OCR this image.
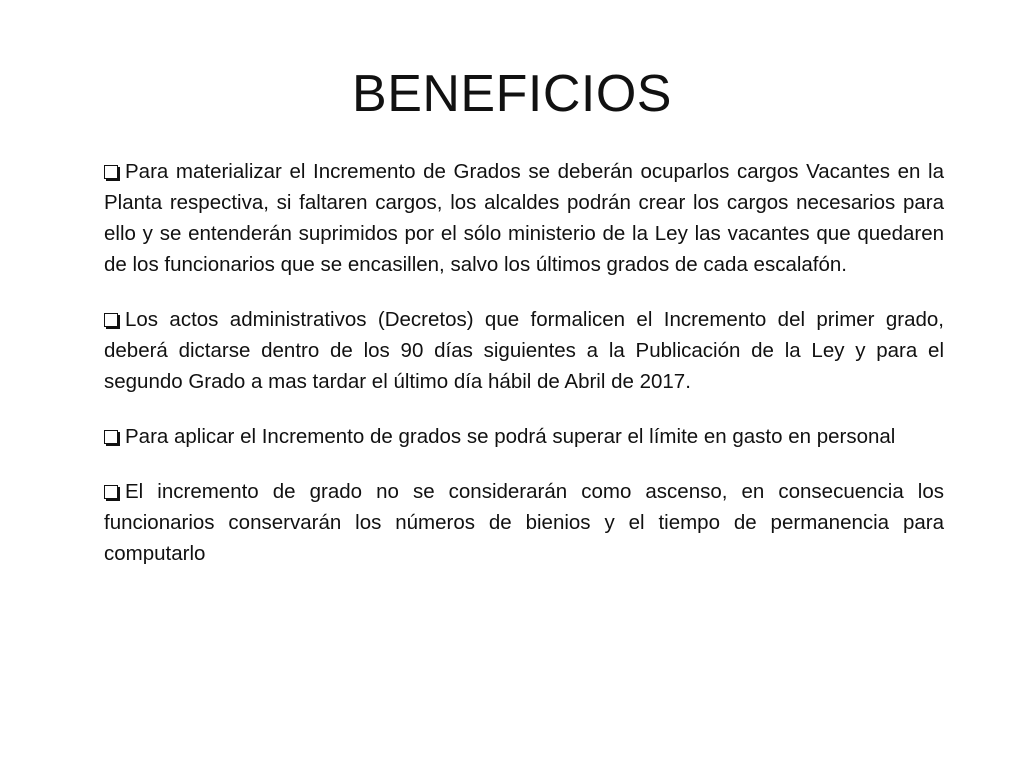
BENEFICIOS
Para materializar el Incremento de Grados se deberán ocuparlos cargos Vacantes en la Planta respectiva, si faltaren cargos, los alcaldes podrán crear los cargos necesarios para ello y se entenderán suprimidos por el sólo ministerio de la Ley las vacantes que quedaren de los funcionarios que se encasillen, salvo los últimos grados de cada escalafón.
Los actos administrativos (Decretos) que formalicen el Incremento del primer grado, deberá dictarse dentro de los 90 días siguientes a la Publicación de la Ley y para el segundo Grado a mas tardar el último día hábil de Abril de 2017.
Para aplicar el Incremento de grados se podrá superar el límite en gasto en personal
El incremento de grado no se considerarán como ascenso, en consecuencia los funcionarios conservarán los números de bienios y el tiempo de permanencia para computarlo
